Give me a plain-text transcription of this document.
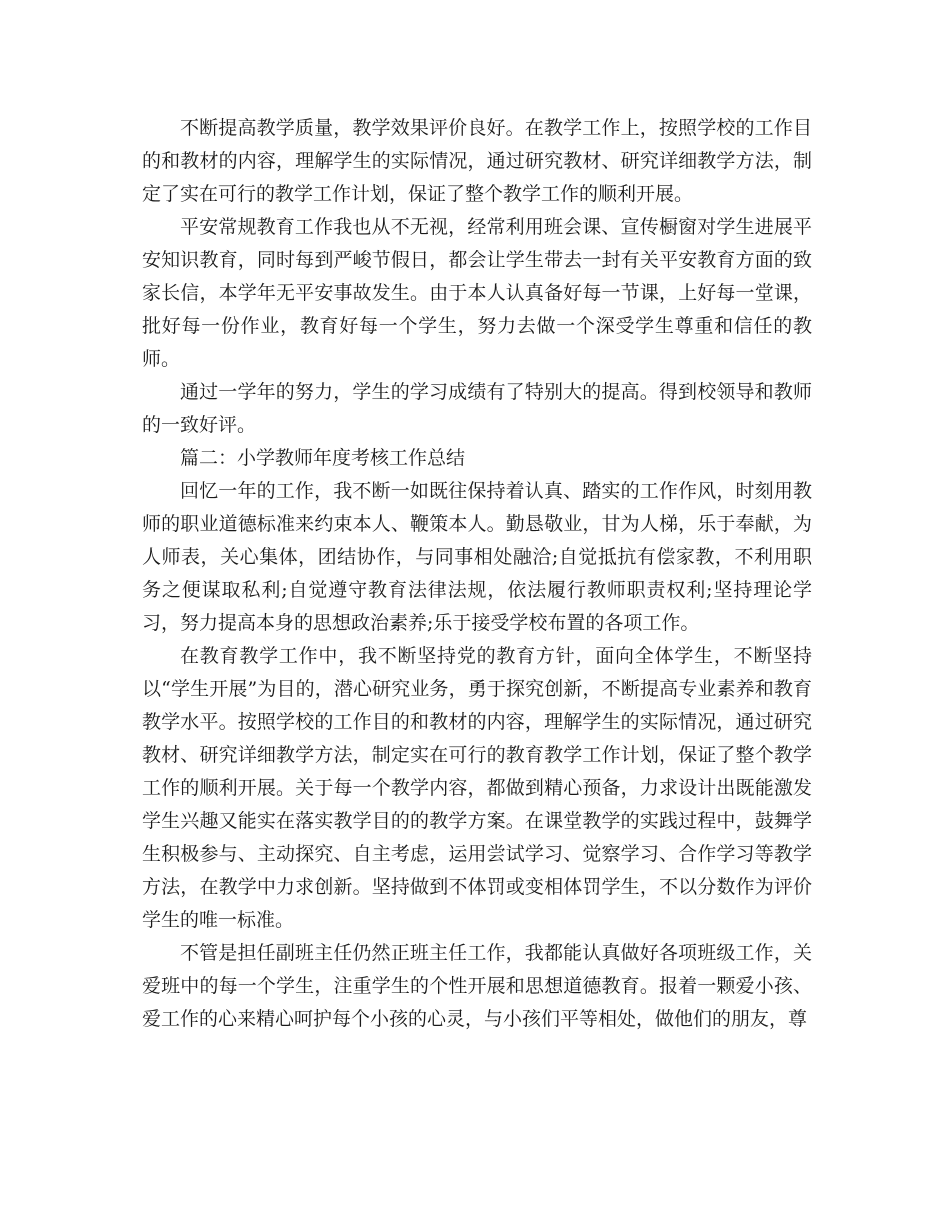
不断提高教学质量，教学效果评价良好。在教学工作上，按照学校的工作目的和教材的内容，理解学生的实际情况，通过研究教材、研究详细教学方法，制定了实在可行的教学工作计划，保证了整个教学工作的顺利开展。

平安常规教育工作我也从不无视，经常利用班会课、宣传橱窗对学生进展平安知识教育，同时每到严峻节假日，都会让学生带去一封有关平安教育方面的致家长信，本学年无平安事故发生。由于本人认真备好每一节课，上好每一堂课，批好每一份作业，教育好每一个学生，努力去做一个深受学生尊重和信任的教师。

通过一学年的努力，学生的学习成绩有了特别大的提高。得到校领导和教师的一致好评。

篇二：小学教师年度考核工作总结

回忆一年的工作，我不断一如既往保持着认真、踏实的工作作风，时刻用教师的职业道德标准来约束本人、鞭策本人。勤恳敬业，甘为人梯，乐于奉献，为人师表，关心集体，团结协作，与同事相处融洽;自觉抵抗有偿家教，不利用职务之便谋取私利;自觉遵守教育法律法规，依法履行教师职责权利;坚持理论学习，努力提高本身的思想政治素养;乐于接受学校布置的各项工作。

在教育教学工作中，我不断坚持党的教育方针，面向全体学生，不断坚持以“学生开展”为目的，潜心研究业务，勇于探究创新，不断提高专业素养和教育教学水平。按照学校的工作目的和教材的内容，理解学生的实际情况，通过研究教材、研究详细教学方法，制定实在可行的教育教学工作计划，保证了整个教学工作的顺利开展。关于每一个教学内容，都做到精心预备，力求设计出既能激发学生兴趣又能实在落实教学目的的教学方案。在课堂教学的实践过程中，鼓舞学生积极参与、主动探究、自主考虑，运用尝试学习、觉察学习、合作学习等教学方法，在教学中力求创新。坚持做到不体罚或变相体罚学生，不以分数作为评价学生的唯一标准。

不管是担任副班主任仍然正班主任工作，我都能认真做好各项班级工作，关爱班中的每一个学生，注重学生的个性开展和思想道德教育。报着一颗爱小孩、爱工作的心来精心呵护每个小孩的心灵，与小孩们平等相处，做他们的朋友，尊
